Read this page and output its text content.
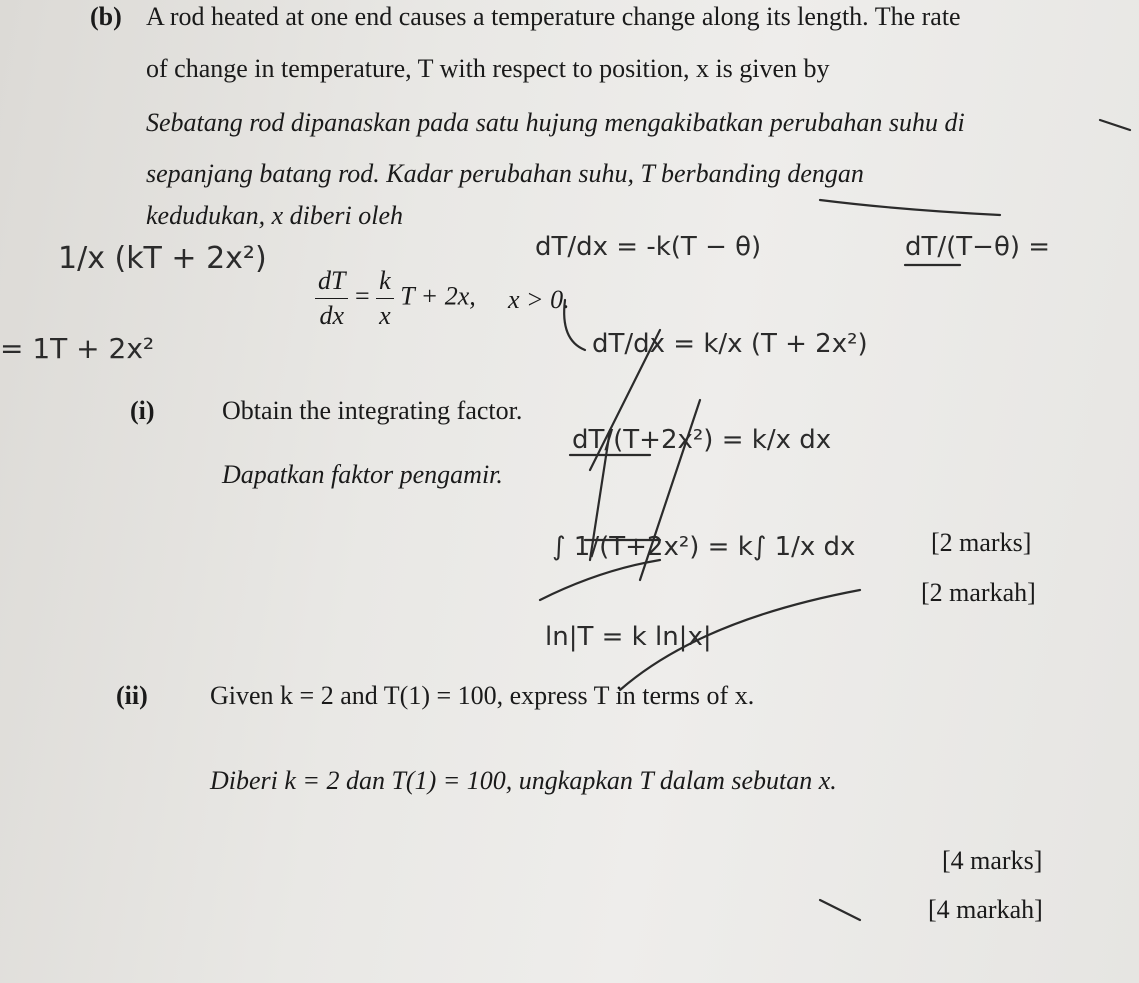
(b) A rod heated at one end causes a temperature change along its length. The rate
of change in temperature, T with respect to position, x is given by
Sebatang rod dipanaskan pada satu hujung mengakibatkan perubahan suhu di
sepanjang batang rod. Kadar perubahan suhu, T berbanding dengan
kedudukan, x diberi oleh
$\frac{dT}{dx} = \frac{k}{x}$ T + 2x, x > 0.
(i)	Obtain the integrating factor.
Dapatkan faktor pengamir.
[2 marks]
[2 markah]
(ii) Given k = 2 and T(1) = 100, express T in terms of x.
Diberi k = 2 dan T(1) = 100, ungkapkan T dalam sebutan x.
[4 marks]
[4 markah]
1/x (kT + 2x²)
= 1T + 2x²
dT/dx = -k(T − θ)	dT/(T−θ) =
dT/dx = k/x (T + 2x²)
dT/(T+2x²) = k/x dx
∫ 1/(T+2x²) = k∫ 1/x dx
ln|T = k ln|x|
